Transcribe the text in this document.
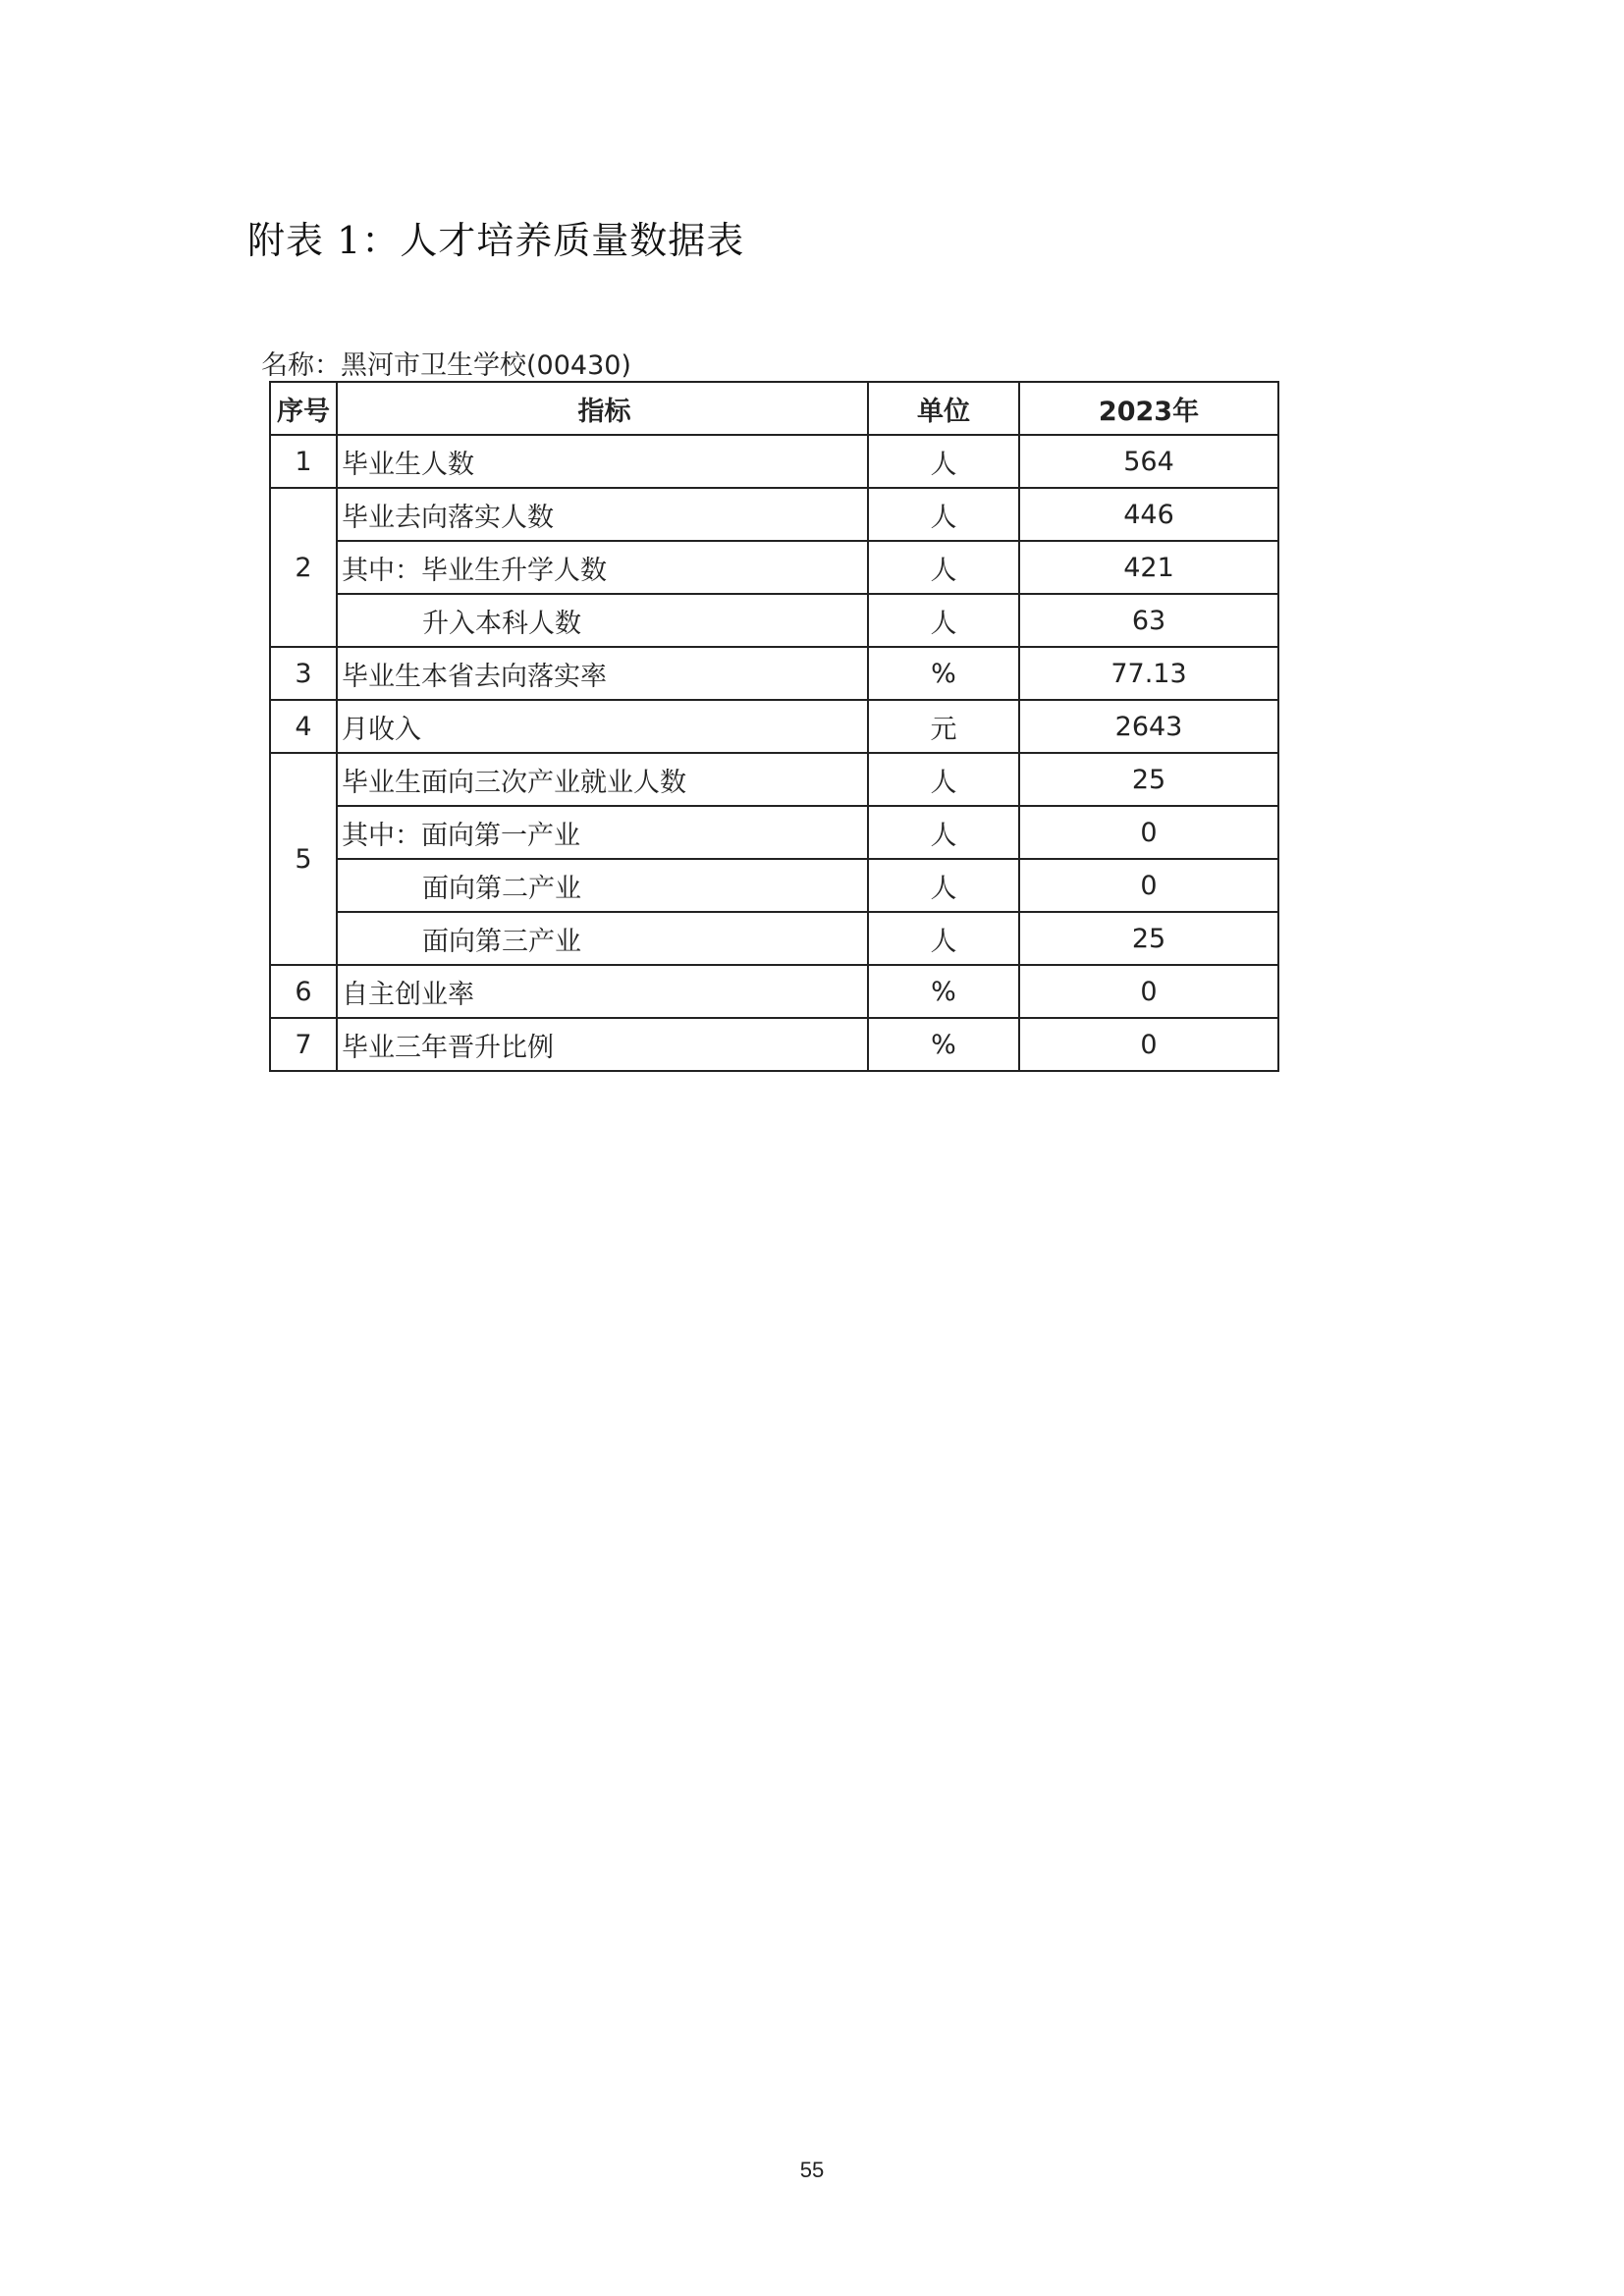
附表 1：人才培养质量数据表
名称：黑河市卫生学校(00430)
序号	指标	单位	2023年
1	毕业生人数	人	564
2	毕业去向落实人数	人	446
	其中：毕业生升学人数	人	421
	升入本科人数	人	63
3	毕业生本省去向落实率	%	77.13
4	月收入	元	2643
5	毕业生面向三次产业就业人数	人	25
	其中：面向第一产业	人	0
	面向第二产业	人	0
	面向第三产业	人	25
6	自主创业率	%	0
7	毕业三年晋升比例	%	0
55
